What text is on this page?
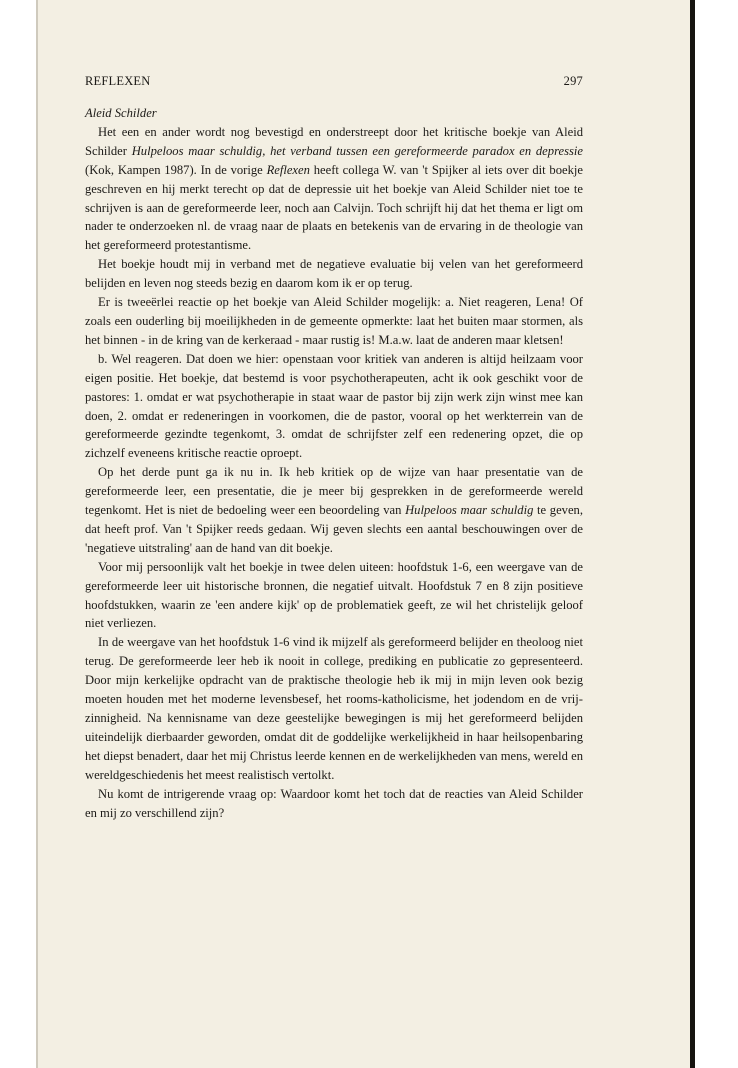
REFLEXEN	297
Aleid Schilder

Het een en ander wordt nog bevestigd en onderstreept door het kritische boekje van Aleid Schilder Hulpeloos maar schuldig, het verband tussen een gereformeerde paradox en depressie (Kok, Kampen 1987). In de vorige Reflexen heeft collega W. van 't Spijker al iets over dit boekje geschreven en hij merkt terecht op dat de depressie uit het boekje van Aleid Schilder niet toe te schrijven is aan de gereformeerde leer, noch aan Calvijn. Toch schrijft hij dat het thema er ligt om nader te onderzoeken nl. de vraag naar de plaats en betekenis van de ervaring in de theologie van het gereformeerd protestantisme.

Het boekje houdt mij in verband met de negatieve evaluatie bij velen van het gereformeerd belijden en leven nog steeds bezig en daarom kom ik er op terug.

Er is tweeërlei reactie op het boekje van Aleid Schilder mogelijk: a. Niet reageren, Lena! Of zoals een ouderling bij moeilijkheden in de gemeente opmerkte: laat het buiten maar stormen, als het binnen - in de kring van de kerkeraad - maar rustig is! M.a.w. laat de anderen maar kletsen!

b. Wel reageren. Dat doen we hier: openstaan voor kritiek van anderen is altijd heilzaam voor eigen positie. Het boekje, dat bestemd is voor psychotherapeuten, acht ik ook geschikt voor de pastores: 1. omdat er wat psychotherapie in staat waar de pastor bij zijn werk zijn winst mee kan doen, 2. omdat er redeneringen in voorkomen, die de pastor, vooral op het werkterrein van de gereformeerde gezindte tegenkomt, 3. omdat de schrijfster zelf een redenering opzet, die op zichzelf eveneens kritische reactie oproept.

Op het derde punt ga ik nu in. Ik heb kritiek op de wijze van haar presentatie van de gereformeerde leer, een presentatie, die je meer bij gesprekken in de gereformeerde wereld tegenkomt. Het is niet de bedoeling weer een beoordeling van Hulpeloos maar schuldig te geven, dat heeft prof. Van 't Spijker reeds gedaan. Wij geven slechts een aantal beschouwingen over de 'negatieve uitstraling' aan de hand van dit boekje.

Voor mij persoonlijk valt het boekje in twee delen uiteen: hoofdstuk 1-6, een weergave van de gereformeerde leer uit historische bronnen, die negatief uitvalt. Hoofdstuk 7 en 8 zijn positieve hoofdstukken, waarin ze 'een andere kijk' op de problematiek geeft, ze wil het christelijk geloof niet verliezen.

In de weergave van het hoofdstuk 1-6 vind ik mijzelf als gereformeerd belijder en theoloog niet terug. De gereformeerde leer heb ik nooit in college, prediking en publicatie zo gepresenteerd. Door mijn kerkelijke opdracht van de praktische theologie heb ik mij in mijn leven ook bezig moeten houden met het moderne levensbesef, het rooms-katholicisme, het jodendom en de vrijzinnigheid. Na kennisname van deze geestelijke bewegingen is mij het gereformeerd belijden uiteindelijk dierbaarder geworden, omdat dit de goddelijke werkelijkheid in haar heilsopenbaring het diepst benadert, daar het mij Christus leerde kennen en de werkelijkheden van mens, wereld en wereldgeschiedenis het meest realistisch vertolkt.

Nu komt de intrigerende vraag op: Waardoor komt het toch dat de reacties van Aleid Schilder en mij zo verschillend zijn?
